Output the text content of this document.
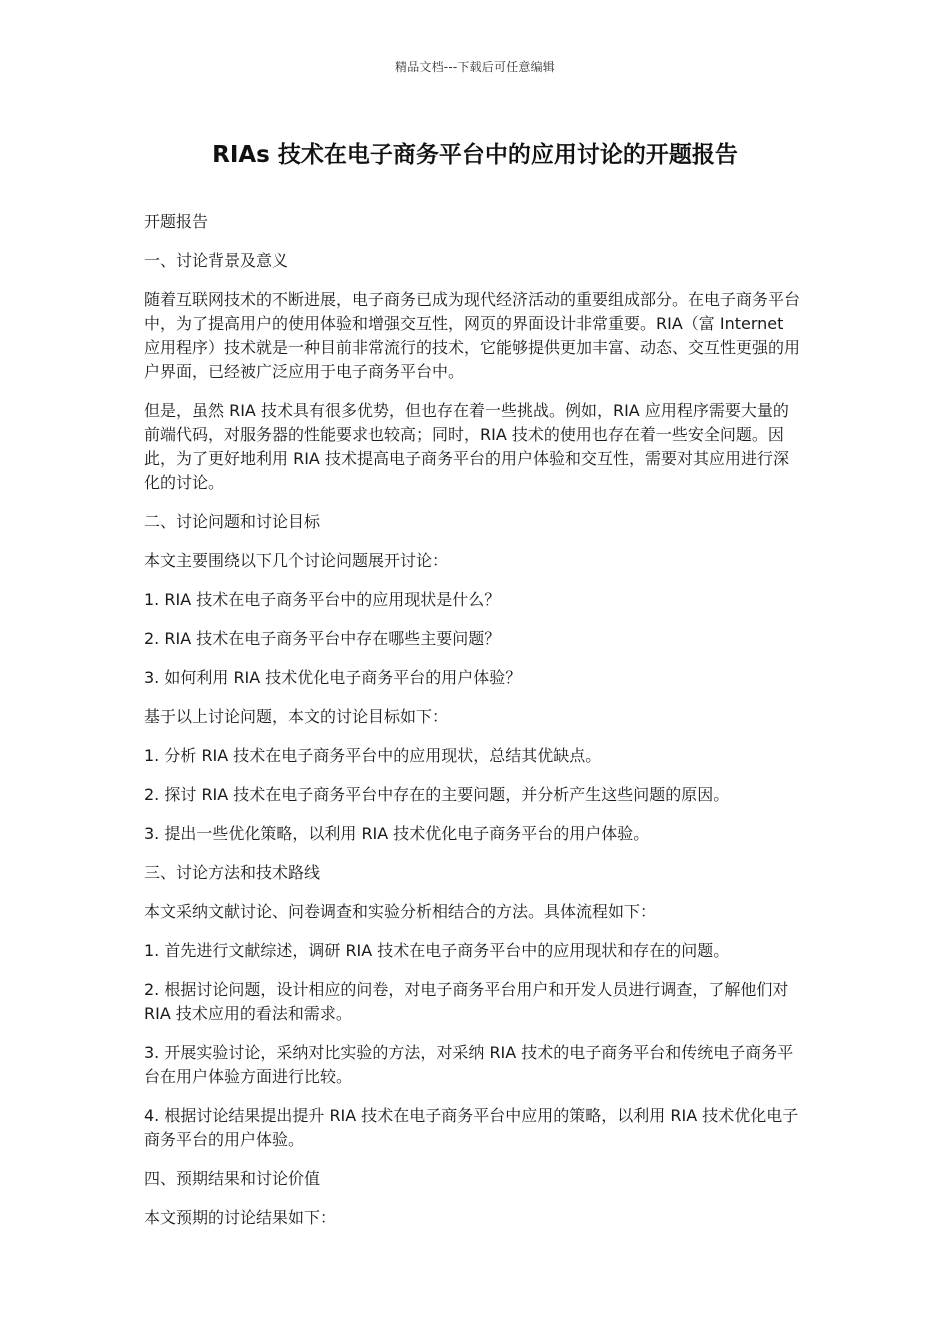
精品文档---下载后可任意编辑
RIAs 技术在电子商务平台中的应用讨论的开题报告

开题报告

一、讨论背景及意义

随着互联网技术的不断进展，电子商务已成为现代经济活动的重要组成部分。在电子商务平台中，为了提高用户的使用体验和增强交互性，网页的界面设计非常重要。RIA（富 Internet 应用程序）技术就是一种目前非常流行的技术，它能够提供更加丰富、动态、交互性更强的用户界面，已经被广泛应用于电子商务平台中。

但是，虽然 RIA 技术具有很多优势，但也存在着一些挑战。例如，RIA 应用程序需要大量的前端代码，对服务器的性能要求也较高；同时，RIA 技术的使用也存在着一些安全问题。因此，为了更好地利用 RIA 技术提高电子商务平台的用户体验和交互性，需要对其应用进行深化的讨论。

二、讨论问题和讨论目标

本文主要围绕以下几个讨论问题展开讨论：

1. RIA 技术在电子商务平台中的应用现状是什么？

2. RIA 技术在电子商务平台中存在哪些主要问题？

3. 如何利用 RIA 技术优化电子商务平台的用户体验？

基于以上讨论问题，本文的讨论目标如下：

1. 分析 RIA 技术在电子商务平台中的应用现状，总结其优缺点。

2. 探讨 RIA 技术在电子商务平台中存在的主要问题，并分析产生这些问题的原因。

3. 提出一些优化策略，以利用 RIA 技术优化电子商务平台的用户体验。

三、讨论方法和技术路线

本文采纳文献讨论、问卷调查和实验分析相结合的方法。具体流程如下：

1. 首先进行文献综述，调研 RIA 技术在电子商务平台中的应用现状和存在的问题。

2. 根据讨论问题，设计相应的问卷，对电子商务平台用户和开发人员进行调查，了解他们对 RIA 技术应用的看法和需求。

3. 开展实验讨论，采纳对比实验的方法，对采纳 RIA 技术的电子商务平台和传统电子商务平台在用户体验方面进行比较。

4. 根据讨论结果提出提升 RIA 技术在电子商务平台中应用的策略，以利用 RIA 技术优化电子商务平台的用户体验。

四、预期结果和讨论价值

本文预期的讨论结果如下：
